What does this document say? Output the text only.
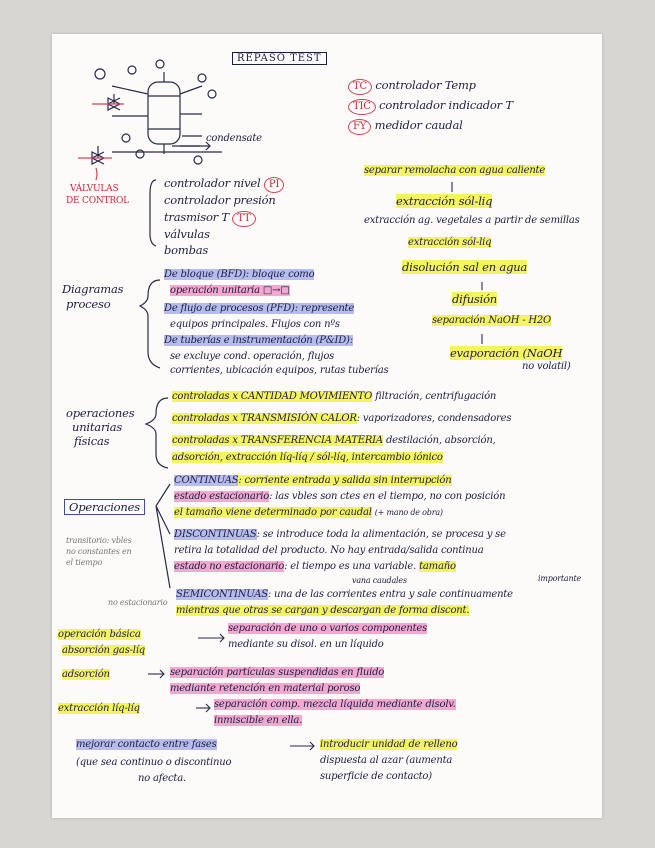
REPASO TEST
condensate
VÁLVULAS
DE CONTROL
TC controlador Temp
TIC controlador indicador T
FY medidor caudal
controlador nivel PI
controlador presión
trasmisor T TT
válvulas
bombas
separar remolacha con agua caliente
extracción sól-liq
extracción ag. vegetales a partir de semillas
extracción sól-liq
disolución sal en agua
difusión
separación NaOH - H2O
evaporación (NaOH
no volatil)
Diagramas
proceso
De bloque (BFD): bloque como
operación unitaria □→□
De flujo de procesos (PFD): represente
equipos principales. Flujos con nºs
De tuberías e instrumentación (P&ID):
se excluye cond. operación, flujos
corrientes, ubicación equipos, rutas tuberías
operaciones
unitarias
físicas
controladas x CANTIDAD MOVIMIENTO filtración, centrifugación
controladas x TRANSMISIÓN CALOR: vaporizadores, condensadores
controladas x TRANSFERENCIA MATERIA destilación, absorción,
adsorción, extracción líq-líq / sól-líq, intercambio iónico
Operaciones
transitorio: vbles
no constantes en
el tiempo
no estacionario
CONTINUAS: corriente entrada y salida sin interrupción
estado estacionario: las vbles son ctes en el tiempo, no con posición
el tamaño viene determinado por caudal (+ mano de obra)
DISCONTINUAS: se introduce toda la alimentación, se procesa y se
retira la totalidad del producto. No hay entrada/salida continua
estado no estacionario: el tiempo es una variable. tamaño
importante
vana caudales
SEMICONTINUAS: una de las corrientes entra y sale continuamente
mientras que otras se cargan y descargan de forma discont.
operación básica
absorción gas-líq
separación de uno o varios componentes
mediante su disol. en un líquido
adsorción	separación partículas suspendidas en fluido
mediante retención en material poroso
extracción líq-líq	separación comp. mezcla líquida mediante disolv.
inmiscible en ella.
mejorar contacto entre fases
(que sea continuo o discontinuo
no afecta.
introducir unidad de relleno
dispuesta al azar (aumenta
superficie de contacto)
